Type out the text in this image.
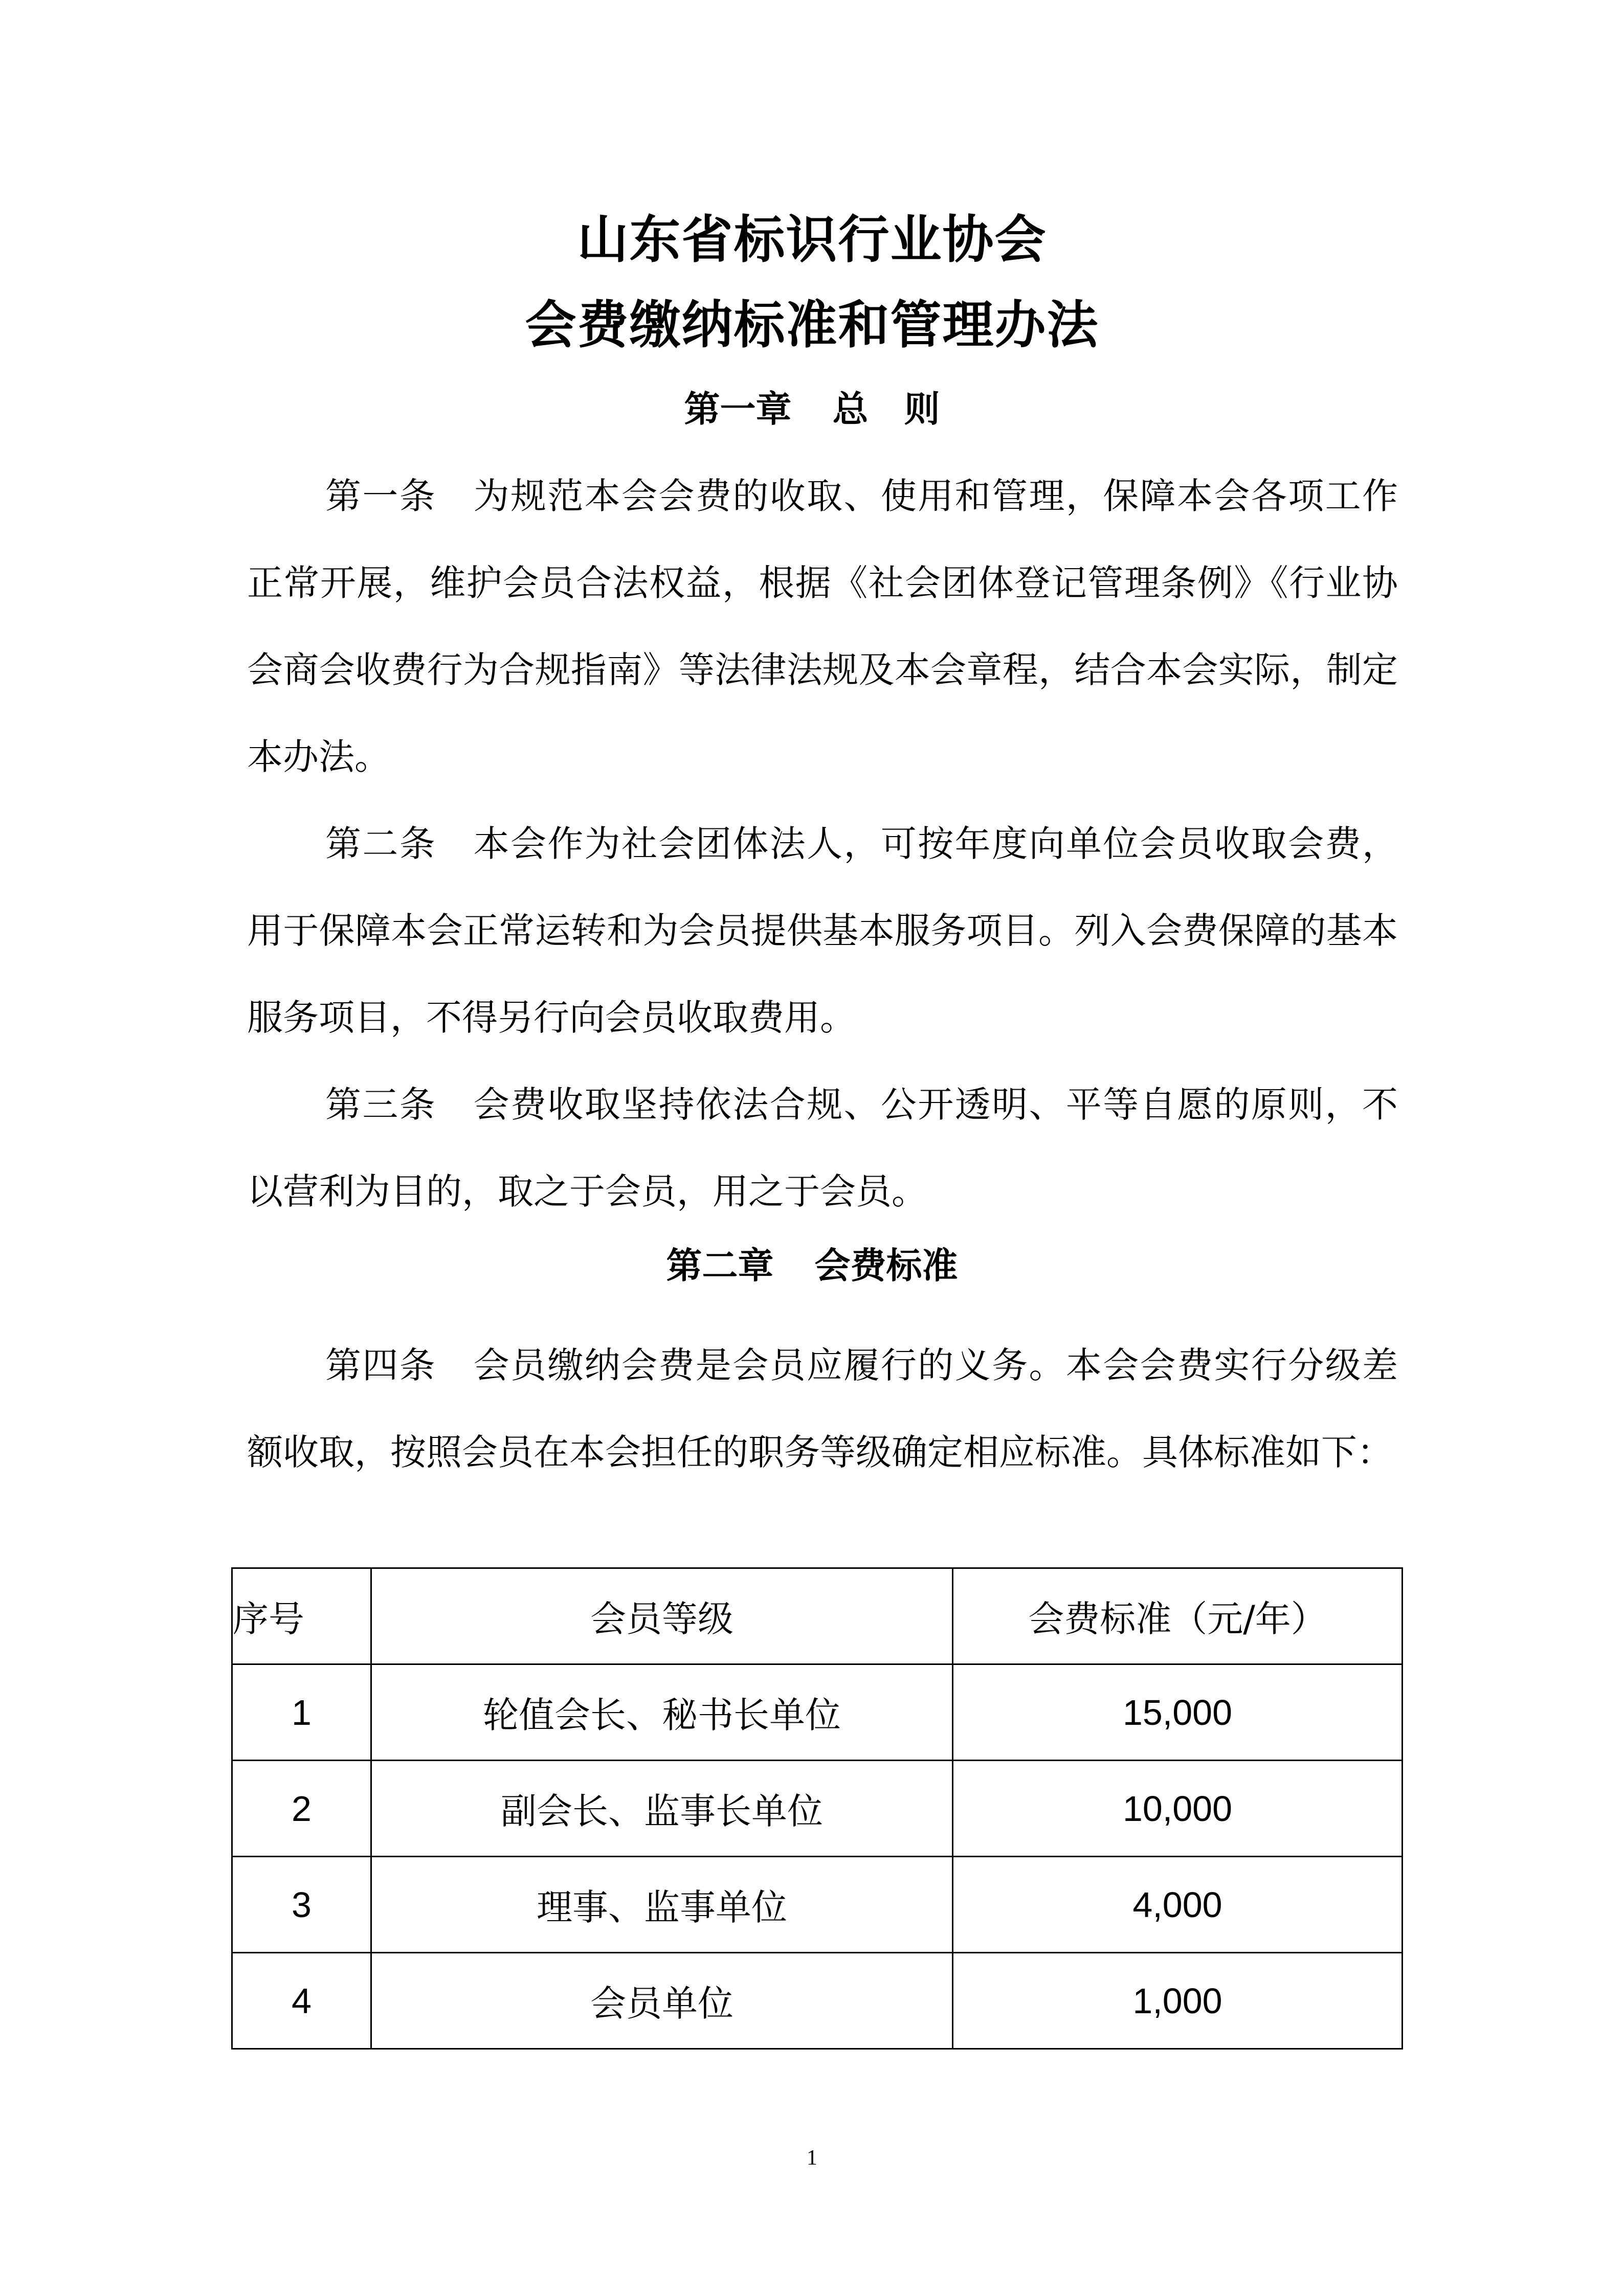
山东省标识行业协会
会费缴纳标准和管理办法
第一章 总　则

第一条 为规范本会会费的收取、使用和管理，保障本会各项工作正常开展，维护会员合法权益，根据《社会团体登记管理条例》《行业协会商会收费行为合规指南》等法律法规及本会章程，结合本会实际，制定本办法。

第二条 本会作为社会团体法人，可按年度向单位会员收取会费，用于保障本会正常运转和为会员提供基本服务项目。列入会费保障的基本服务项目，不得另行向会员收取费用。

第三条 会费收取坚持依法合规、公开透明、平等自愿的原则，不以营利为目的，取之于会员，用之于会员。

第二章 会费标准

第四条 会员缴纳会费是会员应履行的义务。本会会费实行分级差额收取，按照会员在本会担任的职务等级确定相应标准。具体标准如下：

序号	会员等级	会费标准（元/年）
1	轮值会长、秘书长单位	15,000
2	副会长、监事长单位	10,000
3	理事、监事单位	4,000
4	会员单位	1,000
1
